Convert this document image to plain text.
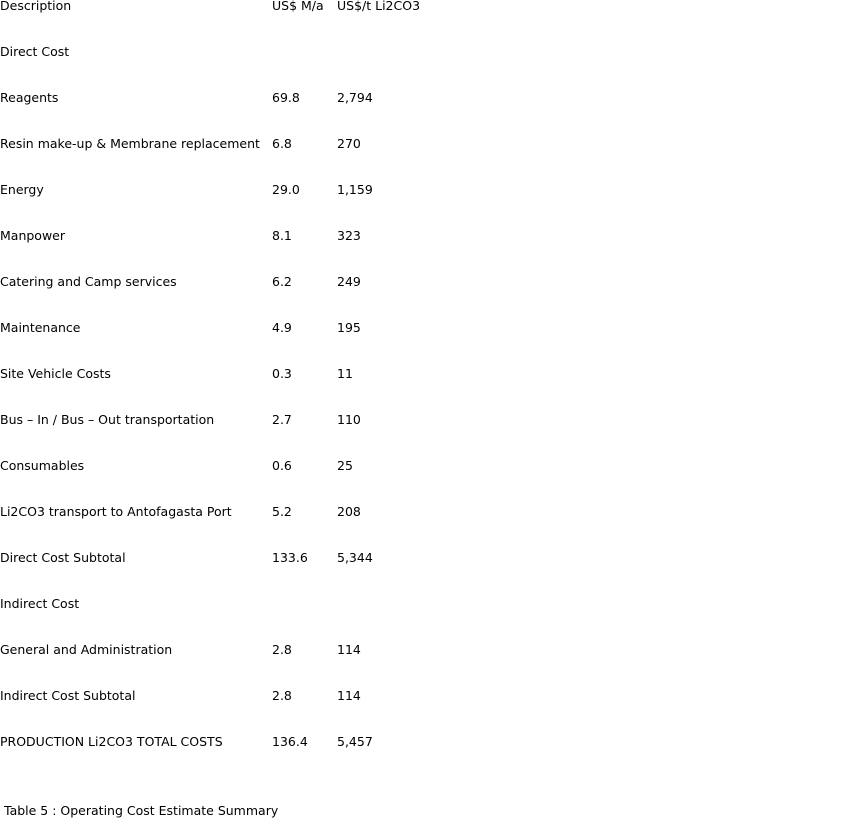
Description	US$ M/a	US$/t Li2CO3
Direct Cost		
Reagents	69.8	2,794
Resin make-up & Membrane replacement	6.8	270
Energy	29.0	1,159
Manpower	8.1	323
Catering and Camp services	6.2	249
Maintenance	4.9	195
Site Vehicle Costs	0.3	11
Bus – In / Bus – Out transportation	2.7	110
Consumables	0.6	25
Li2CO3 transport to Antofagasta Port	5.2	208
Direct Cost Subtotal	133.6	5,344
Indirect Cost		
General and Administration	2.8	114
Indirect Cost Subtotal	2.8	114
PRODUCTION Li2CO3 TOTAL COSTS	136.4	5,457
Table 5 : Operating Cost Estimate Summary
